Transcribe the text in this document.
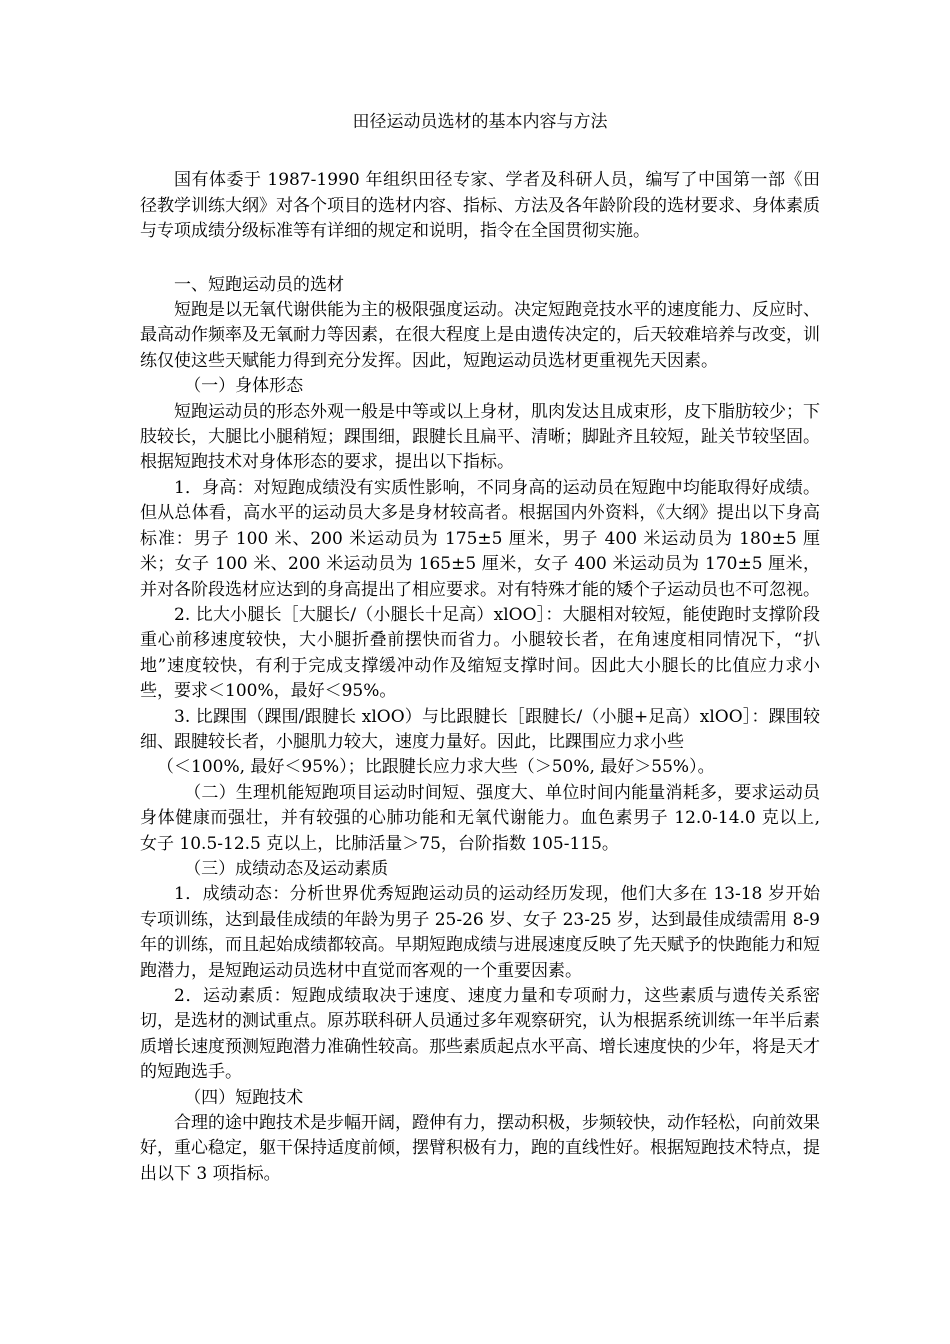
田径运动员选材的基本内容与方法

国有体委于 1987-1990 年组织田径专家、学者及科研人员，编写了中国第一部《田径教学训练大纲》对各个项目的选材内容、指标、方法及各年龄阶段的选材要求、身体素质与专项成绩分级标准等有详细的规定和说明，指令在全国贯彻实施。

一、短跑运动员的选材

短跑是以无氧代谢供能为主的极限强度运动。决定短跑竞技水平的速度能力、反应时、最高动作频率及无氧耐力等因素，在很大程度上是由遗传决定的，后天较难培养与改变，训练仅使这些天赋能力得到充分发挥。因此，短跑运动员选材更重视先天因素。

（一）身体形态

短跑运动员的形态外观一般是中等或以上身材，肌肉发达且成束形，皮下脂肪较少；下肢较长，大腿比小腿稍短；踝围细，跟腱长且扁平、清晰；脚趾齐且较短，趾关节较坚固。根据短跑技术对身体形态的要求，提出以下指标。

1．身高：对短跑成绩没有实质性影响，不同身高的运动员在短跑中均能取得好成绩。但从总体看，高水平的运动员大多是身材较高者。根据国内外资料，《大纲》提出以下身高标准：男子 100 米、200 米运动员为 175±5 厘米，男子 400 米运动员为 180±5 厘米；女子 100 米、200 米运动员为 165±5 厘米，女子 400 米运动员为 170±5 厘米，并对各阶段选材应达到的身高提出了相应要求。对有特殊才能的矮个子运动员也不可忽视。

2. 比大小腿长［大腿长/（小腿长十足高）xlOO］：大腿相对较短，能使跑时支撑阶段重心前移速度较快，大小腿折叠前摆快而省力。小腿较长者，在角速度相同情况下，“扒地”速度较快，有利于完成支撑缓冲动作及缩短支撑时间。因此大小腿长的比值应力求小些，要求＜100%，最好＜95%。

3. 比踝围（踝围/跟腱长 xlOO）与比跟腱长［跟腱长/（小腿+足高）xlOO］：踝围较细、跟腱较长者，小腿肌力较大，速度力量好。因此，比踝围应力求小些

（＜100%, 最好＜95%）；比跟腱长应力求大些（＞50%, 最好＞55%）。

（二）生理机能短跑项目运动时间短、强度大、单位时间内能量消耗多，要求运动员身体健康而强壮，并有较强的心肺功能和无氧代谢能力。血色素男子 12.0-14.0 克以上, 女子 10.5-12.5 克以上，比肺活量＞75，台阶指数 105-115。

（三）成绩动态及运动素质

1．成绩动态：分析世界优秀短跑运动员的运动经历发现，他们大多在 13-18 岁开始专项训练，达到最佳成绩的年龄为男子 25-26 岁、女子 23-25 岁，达到最佳成绩需用 8-9 年的训练，而且起始成绩都较高。早期短跑成绩与进展速度反映了先天赋予的快跑能力和短跑潜力，是短跑运动员选材中直觉而客观的一个重要因素。

2．运动素质：短跑成绩取决于速度、速度力量和专项耐力，这些素质与遗传关系密切，是选材的测试重点。原苏联科研人员通过多年观察研究，认为根据系统训练一年半后素质增长速度预测短跑潜力准确性较高。那些素质起点水平高、增长速度快的少年，将是天才的短跑选手。

（四）短跑技术

合理的途中跑技术是步幅开阔，蹬伸有力，摆动积极，步频较快，动作轻松，向前效果好，重心稳定，躯干保持适度前倾，摆臂积极有力，跑的直线性好。根据短跑技术特点，提出以下 3 项指标。
